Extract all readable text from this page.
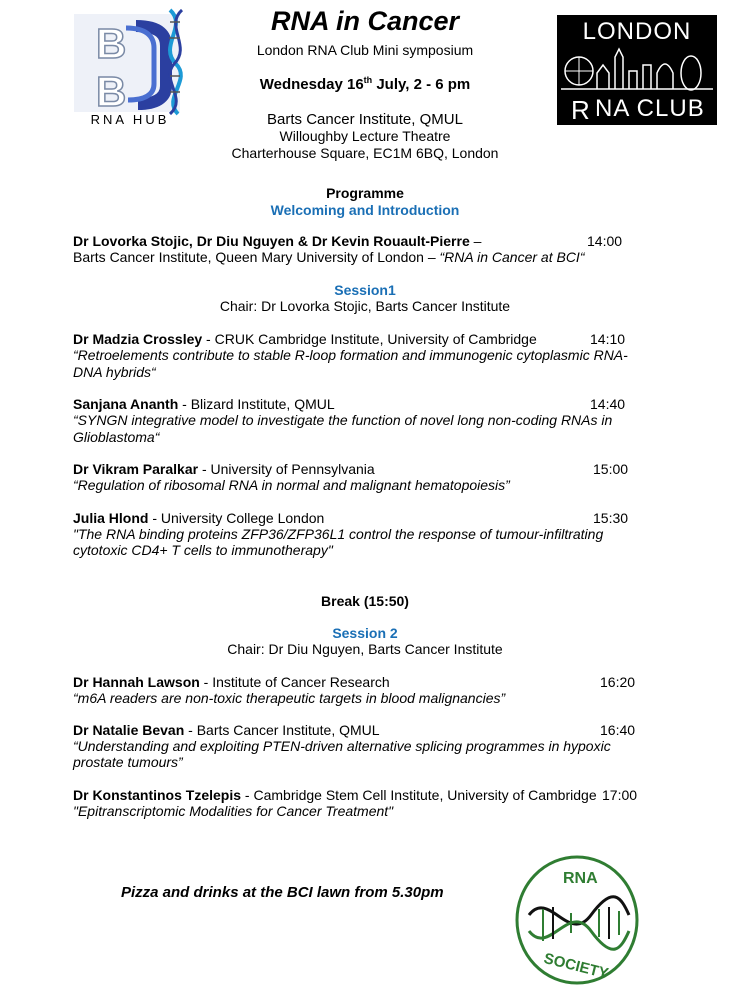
B
B
RNA HUB
RNA in Cancer
London RNA Club Mini symposium
Wednesday 16th July, 2 - 6 pm
Barts Cancer Institute, QMUL
Willoughby Lecture Theatre
Charterhouse Square, EC1M 6BQ, London
LONDON
R NA CLUB
Programme
Welcoming and Introduction
Dr Lovorka Stojic, Dr Diu Nguyen & Dr Kevin Rouault-Pierre –	14:00
Barts Cancer Institute, Queen Mary University of London – “RNA in Cancer at BCI“
Session1
Chair: Dr Lovorka Stojic, Barts Cancer Institute
Dr Madzia Crossley - CRUK Cambridge Institute, University of Cambridge	14:10
“Retroelements contribute to stable R-loop formation and immunogenic cytoplasmic RNA-
DNA hybrids“
Sanjana Ananth - Blizard Institute, QMUL	14:40
“SYNGN integrative model to investigate the function of novel long non-coding RNAs in
Glioblastoma“
Dr Vikram Paralkar - University of Pennsylvania	15:00
“Regulation of ribosomal RNA in normal and malignant hematopoiesis”
Julia Hlond - University College London	15:30
"The RNA binding proteins ZFP36/ZFP36L1 control the response of tumour-infiltrating
cytotoxic CD4+ T cells to immunotherapy"
Break (15:50)
Session 2
Chair: Dr Diu Nguyen, Barts Cancer Institute
Dr Hannah Lawson - Institute of Cancer Research	16:20
“m6A readers are non-toxic therapeutic targets in blood malignancies”
Dr Natalie Bevan - Barts Cancer Institute, QMUL	16:40
“Understanding and exploiting PTEN-driven alternative splicing programmes in hypoxic
prostate tumours”
Dr Konstantinos Tzelepis - Cambridge Stem Cell Institute, University of Cambridge 17:00
"Epitranscriptomic Modalities for Cancer Treatment"
Pizza and drinks at the BCI lawn from 5.30pm
RNA
SOCIETY
